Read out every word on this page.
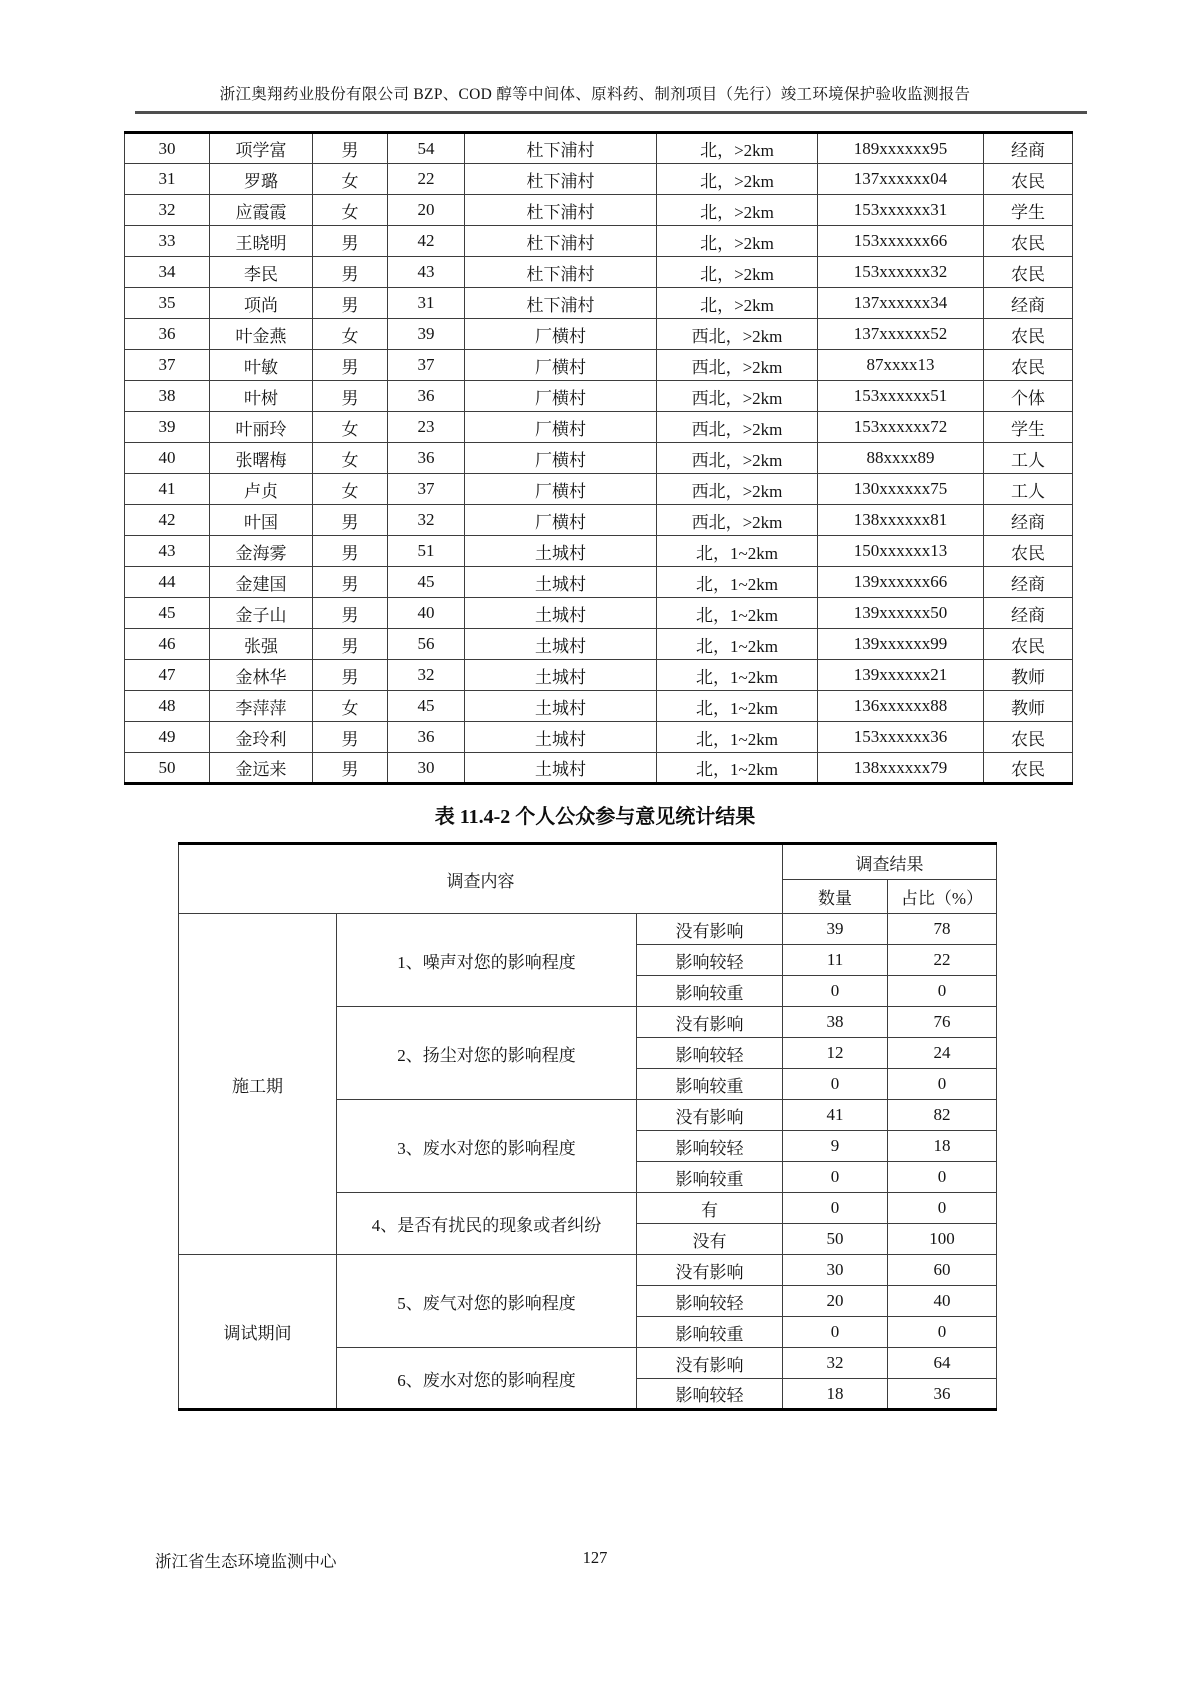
浙江奥翔药业股份有限公司 BZP、COD 醇等中间体、原料药、制剂项目（先行）竣工环境保护验收监测报告
30	项学富	男	54	杜下浦村	北，>2km	189xxxxxx95	经商
31	罗璐	女	22	杜下浦村	北，>2km	137xxxxxx04	农民
32	应霞霞	女	20	杜下浦村	北，>2km	153xxxxxx31	学生
33	王晓明	男	42	杜下浦村	北，>2km	153xxxxxx66	农民
34	李民	男	43	杜下浦村	北，>2km	153xxxxxx32	农民
35	项尚	男	31	杜下浦村	北，>2km	137xxxxxx34	经商
36	叶金燕	女	39	厂横村	西北，>2km	137xxxxxx52	农民
37	叶敏	男	37	厂横村	西北，>2km	87xxxx13	农民
38	叶树	男	36	厂横村	西北，>2km	153xxxxxx51	个体
39	叶丽玲	女	23	厂横村	西北，>2km	153xxxxxx72	学生
40	张曙梅	女	36	厂横村	西北，>2km	88xxxx89	工人
41	卢贞	女	37	厂横村	西北，>2km	130xxxxxx75	工人
42	叶国	男	32	厂横村	西北，>2km	138xxxxxx81	经商
43	金海雾	男	51	土城村	北，1~2km	150xxxxxx13	农民
44	金建国	男	45	土城村	北，1~2km	139xxxxxx66	经商
45	金子山	男	40	土城村	北，1~2km	139xxxxxx50	经商
46	张强	男	56	土城村	北，1~2km	139xxxxxx99	农民
47	金林华	男	32	土城村	北，1~2km	139xxxxxx21	教师
48	李萍萍	女	45	土城村	北，1~2km	136xxxxxx88	教师
49	金玲利	男	36	土城村	北，1~2km	153xxxxxx36	农民
50	金远来	男	30	土城村	北，1~2km	138xxxxxx79	农民
表 11.4-2 个人公众参与意见统计结果
调查内容			调查结果	
			数量	占比（%）
施工期	1、噪声对您的影响程度	没有影响	39	78
		影响较轻	11	22
		影响较重	0	0
	2、扬尘对您的影响程度	没有影响	38	76
		影响较轻	12	24
		影响较重	0	0
	3、废水对您的影响程度	没有影响	41	82
		影响较轻	9	18
		影响较重	0	0
	4、是否有扰民的现象或者纠纷	有	0	0
		没有	50	100
调试期间	5、废气对您的影响程度	没有影响	30	60
		影响较轻	20	40
		影响较重	0	0
	6、废水对您的影响程度	没有影响	32	64
		影响较轻	18	36
浙江省生态环境监测中心	127
